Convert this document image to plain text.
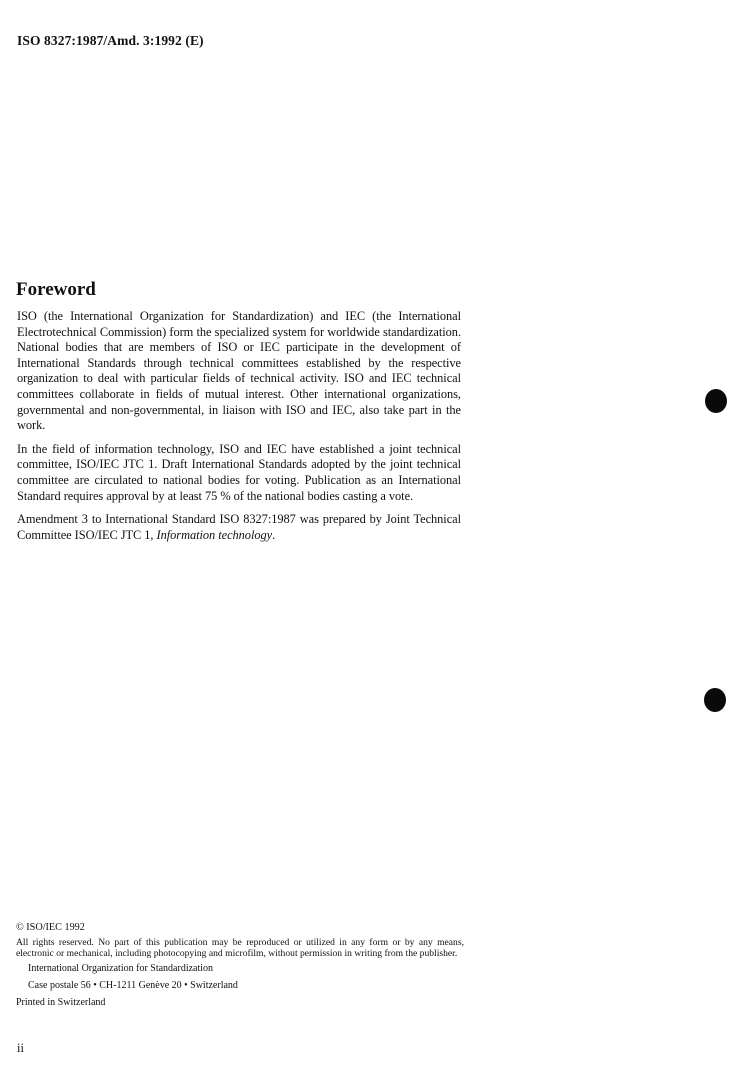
ISO 8327:1987/Amd. 3:1992 (E)
Foreword

ISO (the International Organization for Standardization) and IEC (the International Electrotechnical Commission) form the specialized system for worldwide standardization. National bodies that are members of ISO or IEC participate in the development of International Standards through technical committees established by the respective organization to deal with particular fields of technical activity. ISO and IEC technical committees collaborate in fields of mutual interest. Other international organizations, governmental and non-governmental, in liaison with ISO and IEC, also take part in the work.

In the field of information technology, ISO and IEC have established a joint technical committee, ISO/IEC JTC 1. Draft International Standards adopted by the joint technical committee are circulated to national bodies for voting. Publication as an International Standard requires approval by at least 75 % of the national bodies casting a vote.

Amendment 3 to International Standard ISO 8327:1987 was prepared by Joint Technical Committee ISO/IEC JTC 1, Information technology.

© ISO/IEC 1992

All rights reserved. No part of this publication may be reproduced or utilized in any form or by any means, electronic or mechanical, including photocopying and microfilm, without permission in writing from the publisher.

International Organization for Standardization
Case postale 56 • CH-1211 Genève 20 • Switzerland
Printed in Switzerland
ii
